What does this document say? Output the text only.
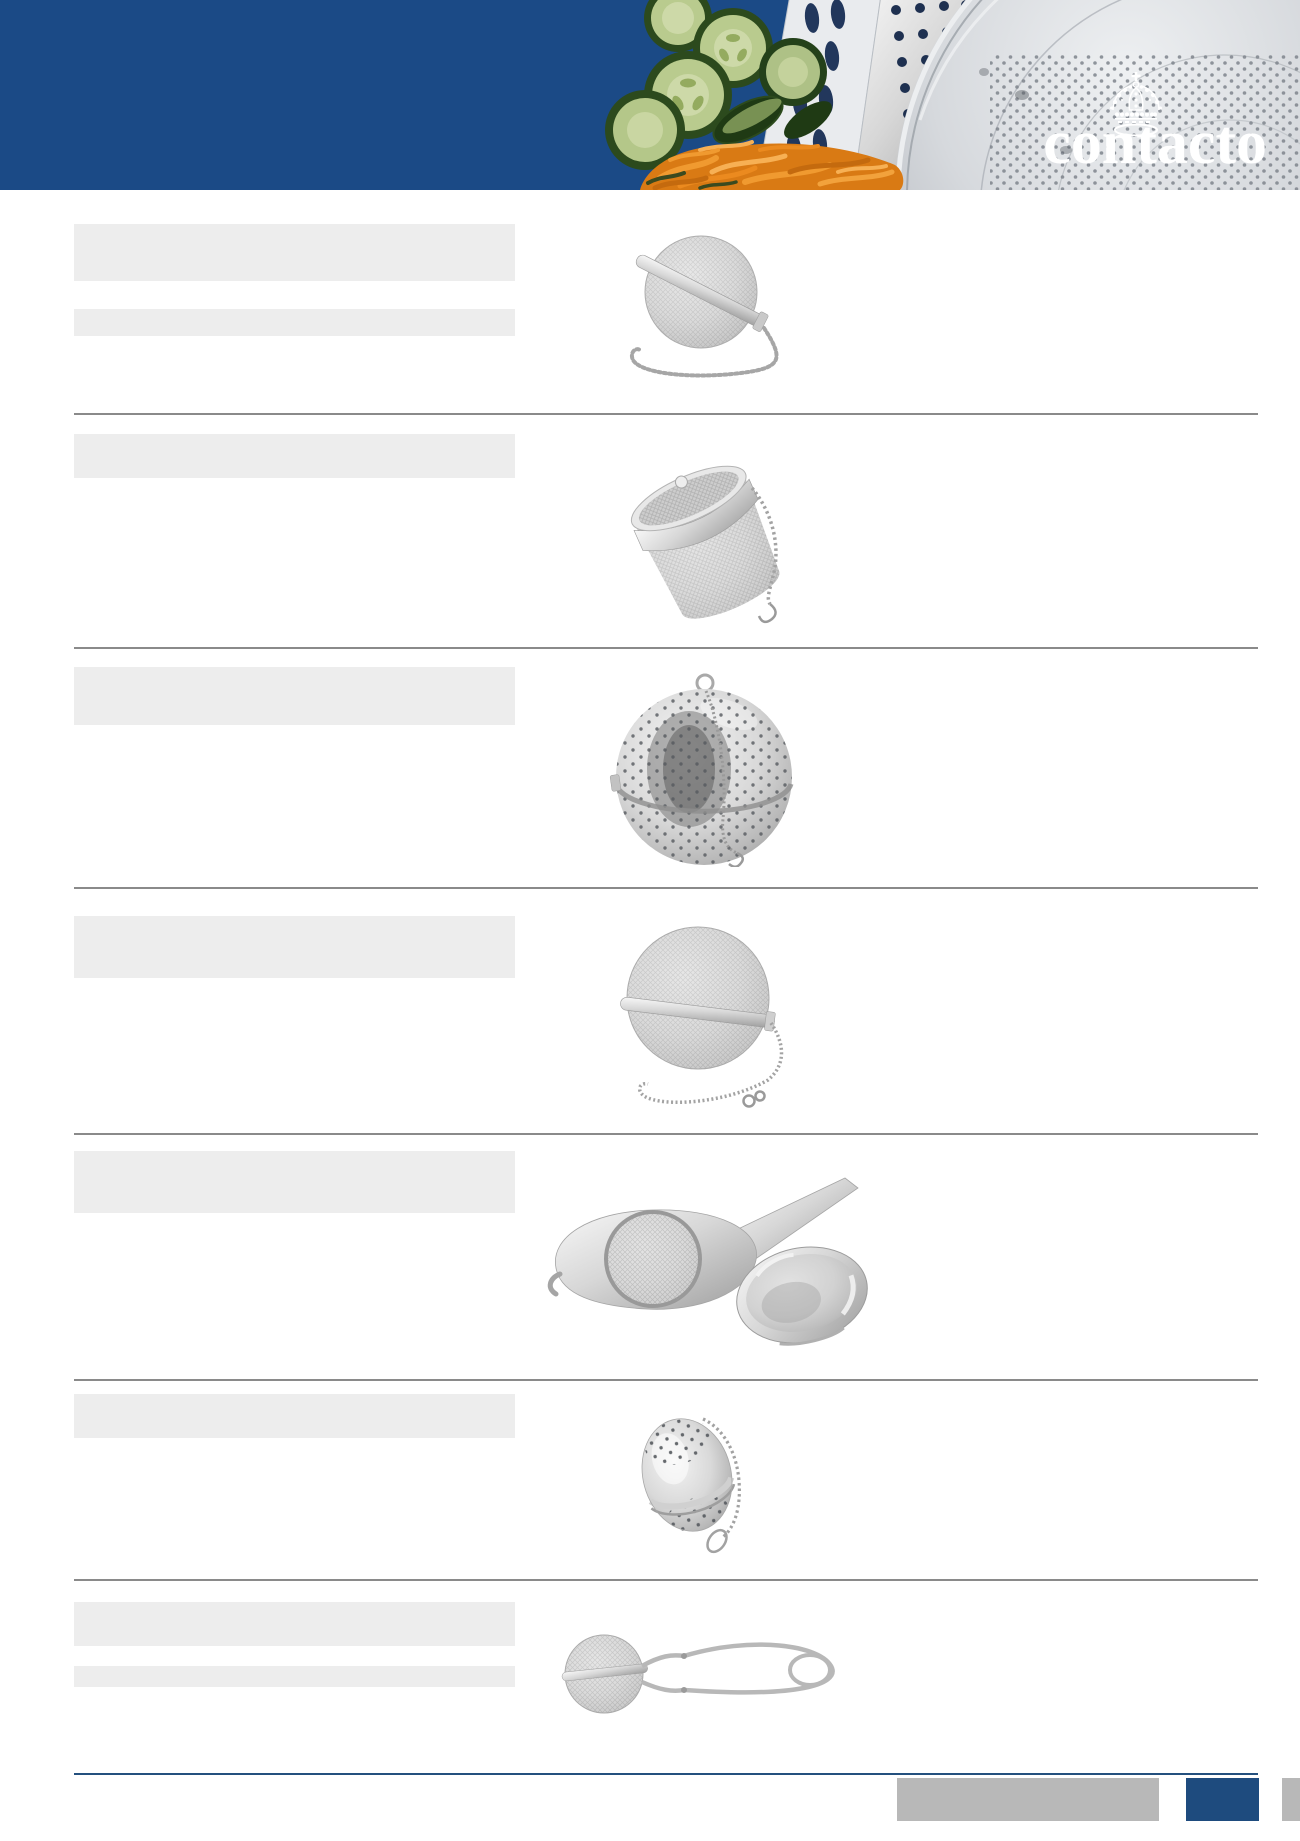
contacto
